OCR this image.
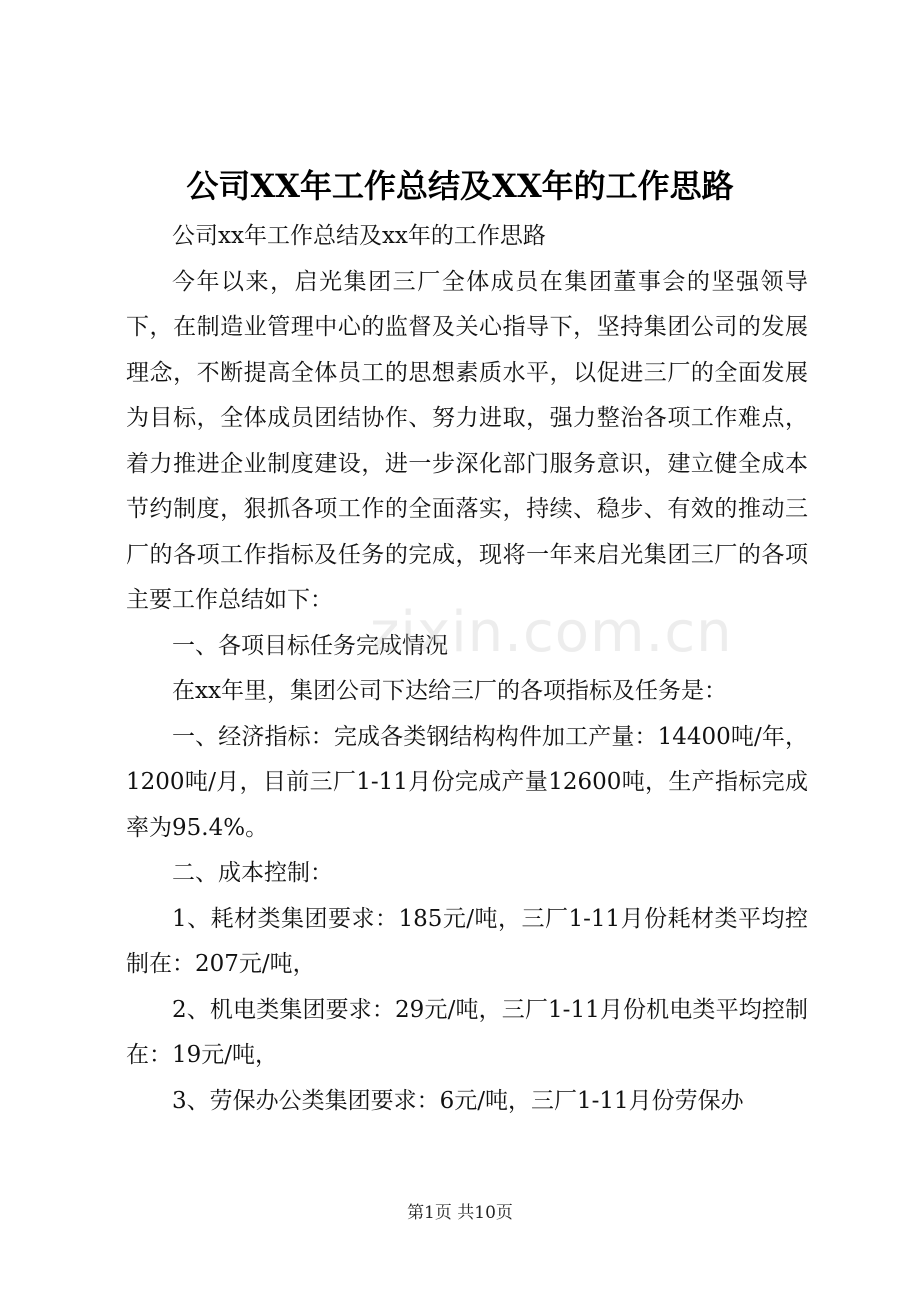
公司XX年工作总结及XX年的工作思路

公司xx年工作总结及xx年的工作思路

今年以来，启光集团三厂全体成员在集团董事会的坚强领导下，在制造业管理中心的监督及关心指导下，坚持集团公司的发展理念，不断提高全体员工的思想素质水平，以促进三厂的全面发展为目标，全体成员团结协作、努力进取，强力整治各项工作难点，着力推进企业制度建设，进一步深化部门服务意识，建立健全成本节约制度，狠抓各项工作的全面落实，持续、稳步、有效的推动三厂的各项工作指标及任务的完成，现将一年来启光集团三厂的各项主要工作总结如下：

一、各项目标任务完成情况

在xx年里，集团公司下达给三厂的各项指标及任务是：

一、经济指标：完成各类钢结构构件加工产量：14400吨/年，1200吨/月，目前三厂1-11月份完成产量12600吨，生产指标完成率为95.4%。

二、成本控制：

1、耗材类集团要求：185元/吨，三厂1-11月份耗材类平均控制在：207元/吨，

2、机电类集团要求：29元/吨，三厂1-11月份机电类平均控制在：19元/吨，

3、劳保办公类集团要求：6元/吨，三厂1-11月份劳保办

zixin.com.cn
第1页 共10页
